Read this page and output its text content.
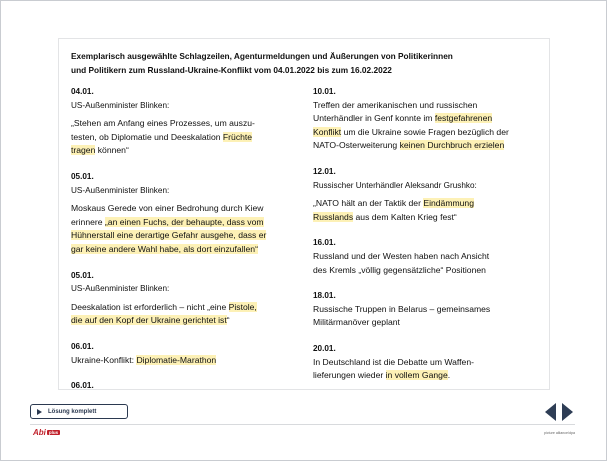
Exemplarisch ausgewählte Schlagzeilen, Agenturmeldungen und Äußerungen von Politikerinnen
und Politikern zum Russland-Ukraine-Konflikt vom 04.01.2022 bis zum 16.02.2022
04.01.
US-Außenminister Blinken:
„Stehen am Anfang eines Prozesses, um auszu-
testen, ob Diplomatie und Deeskalation Früchte
tragen können“
05.01.
US-Außenminister Blinken:
Moskaus Gerede von einer Bedrohung durch Kiew
erinnere „an einen Fuchs, der behaupte, dass vom
Hühnerstall eine derartige Gefahr ausgehe, dass er
gar keine andere Wahl habe, als dort einzufallen“
05.01.
US-Außenminister Blinken:
Deeskalation ist erforderlich – nicht „eine Pistole,
die auf den Kopf der Ukraine gerichtet ist“
06.01.
Ukraine-Konflikt: Diplomatie-Marathon
06.01.
10.01.
Treffen der amerikanischen und russischen
Unterhändler in Genf konnte im festgefahrenen
Konflikt um die Ukraine sowie Fragen bezüglich der
NATO-Osterweiterung keinen Durchbruch erzielen
12.01.
Russischer Unterhändler Aleksandr Grushko:
„NATO hält an der Taktik der Eindämmung
Russlands aus dem Kalten Krieg fest“
16.01.
Russland und der Westen haben nach Ansicht
des Kremls „völlig gegensätzliche“ Positionen
18.01.
Russische Truppen in Belarus – gemeinsames
Militärmanöver geplant
20.01.
In Deutschland ist die Debatte um Waffen-
lieferungen wieder in vollem Gange.
Lösung komplett
Abi plus	picture alliance/dpa
